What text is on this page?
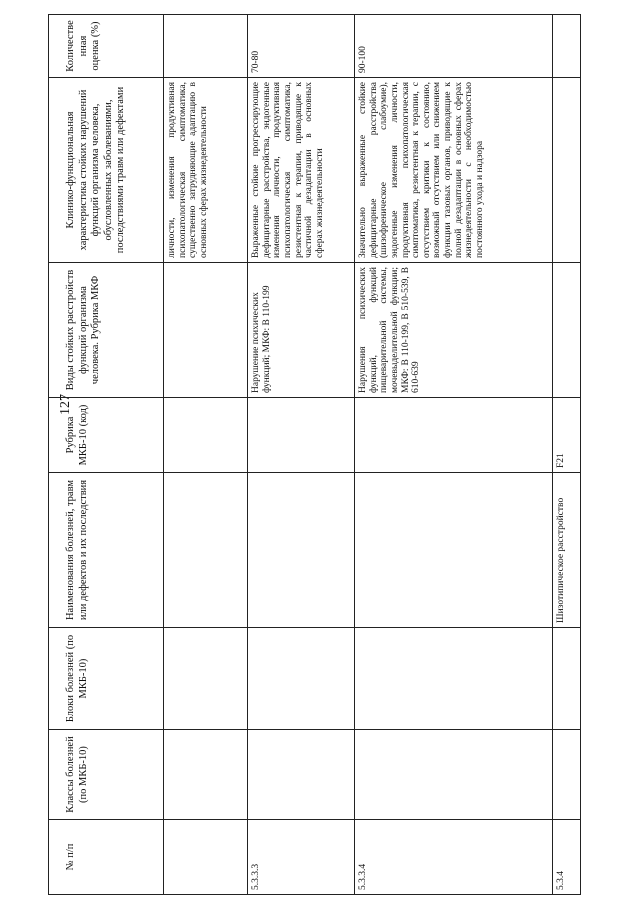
127
№ п/п	Классы болезней (по МКБ-10)	Блоки болезней (по МКБ-10)	Наименования болезней, травм или дефектов и их последствия	Рубрика МКБ-10 (код)	Виды стойких расстройств функций организма человека. Рубрика МКФ	Клинико-функциональная характеристика стойких нарушений функций организма человека, обусловленных заболеваниями, последствиями травм или дефектами	Количественная оценка (%)
						личности, изменения продуктивная психопатологическая симптоматика, существенно затрудняющие адаптацию в основных сферах жизнедеятельности	
5.3.3.3					Нарушение психических функций; МКФ: B 110-199	Выраженные стойкие прогрессирующие дефицитарные расстройства, эндогенные изменения личности, продуктивная психопатологическая симптоматика, резистентная к терапии, приводящие к частичной дезадаптации в основных сферах жизнедеятельности	70-80
5.3.3.4					Нарушения психических функций, функций пищеварительной системы, мочевыделительной функции; МКФ: B 110-199, B 510-539, B 610-639	Значительно выраженные стойкие дефицитарные расстройства (шизофреническое слабоумие), эндогенные изменения личности, продуктивная психопатологическая симптоматика, резистентная к терапии, с отсутствием критики к состоянию, возможный отсутствием или снижением функции тазовых органов, приводящие к полной дезадаптации в основных сферах жизнедеятельности с необходимостью постоянного ухода и надзора	90-100
5.3.4			Шизотипическое расстройство	F21			
